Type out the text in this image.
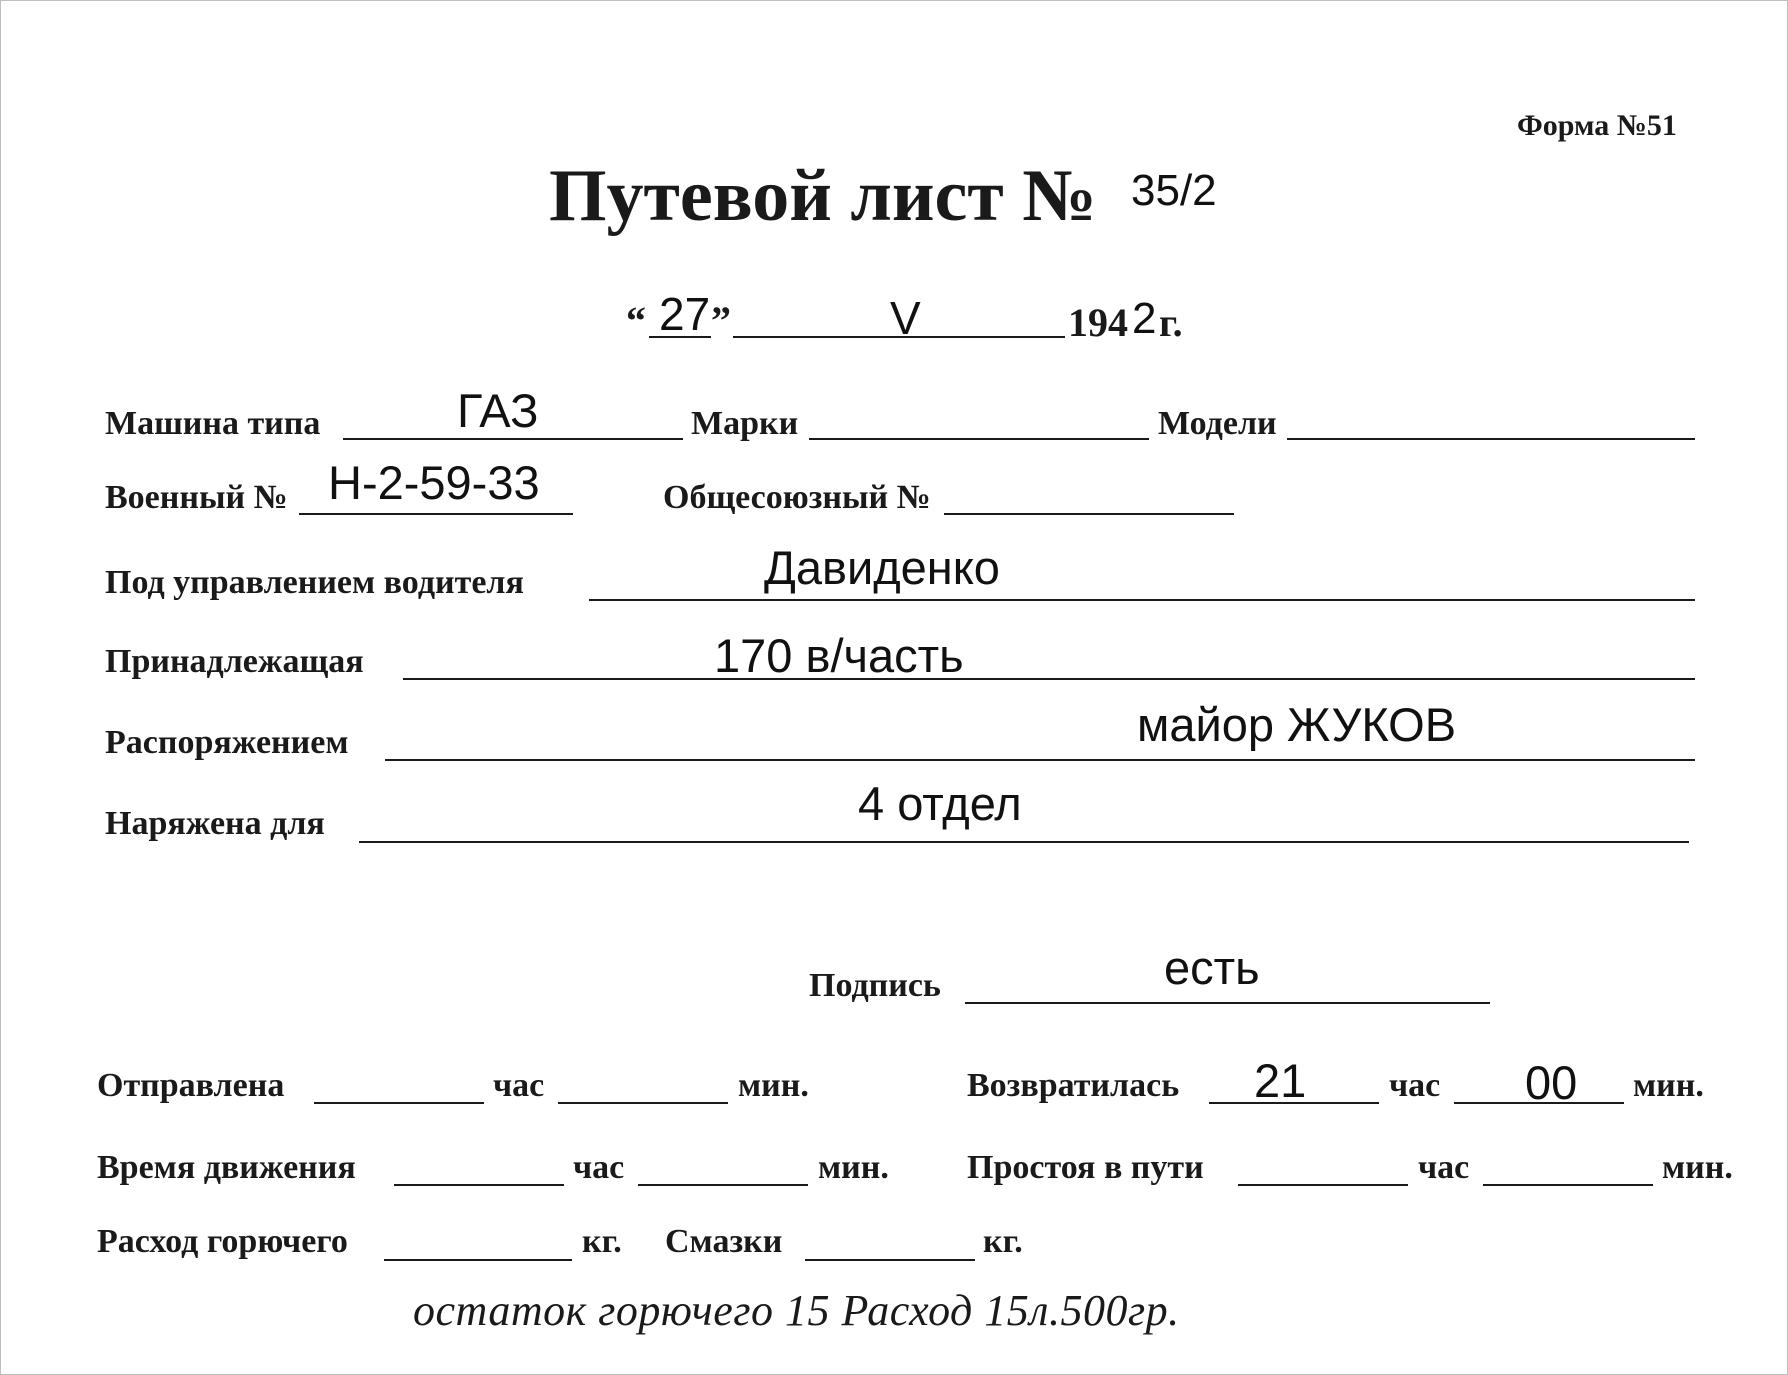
Форма №51
Путевой лист № 35/2
“ 27 ”	V	194 2 г.
Машина типа	ГАЗ	Марки	Модели
Военный № Н-2-59-33	Общесоюзный №
Под управлением водителя	Давиденко
Принадлежащая	170 в/часть
Распоряжением	майор ЖУКОВ
Наряжена для	4 отдел
Подпись	есть
Отправлена	час	мин.	Возвратилась 21 час 00 мин.
Время движения	час	мин. Простоя в пути	час	мин.
Расход горючего	кг. Смазки	кг.
остаток горючего 15 Расход 15л.500гр.
